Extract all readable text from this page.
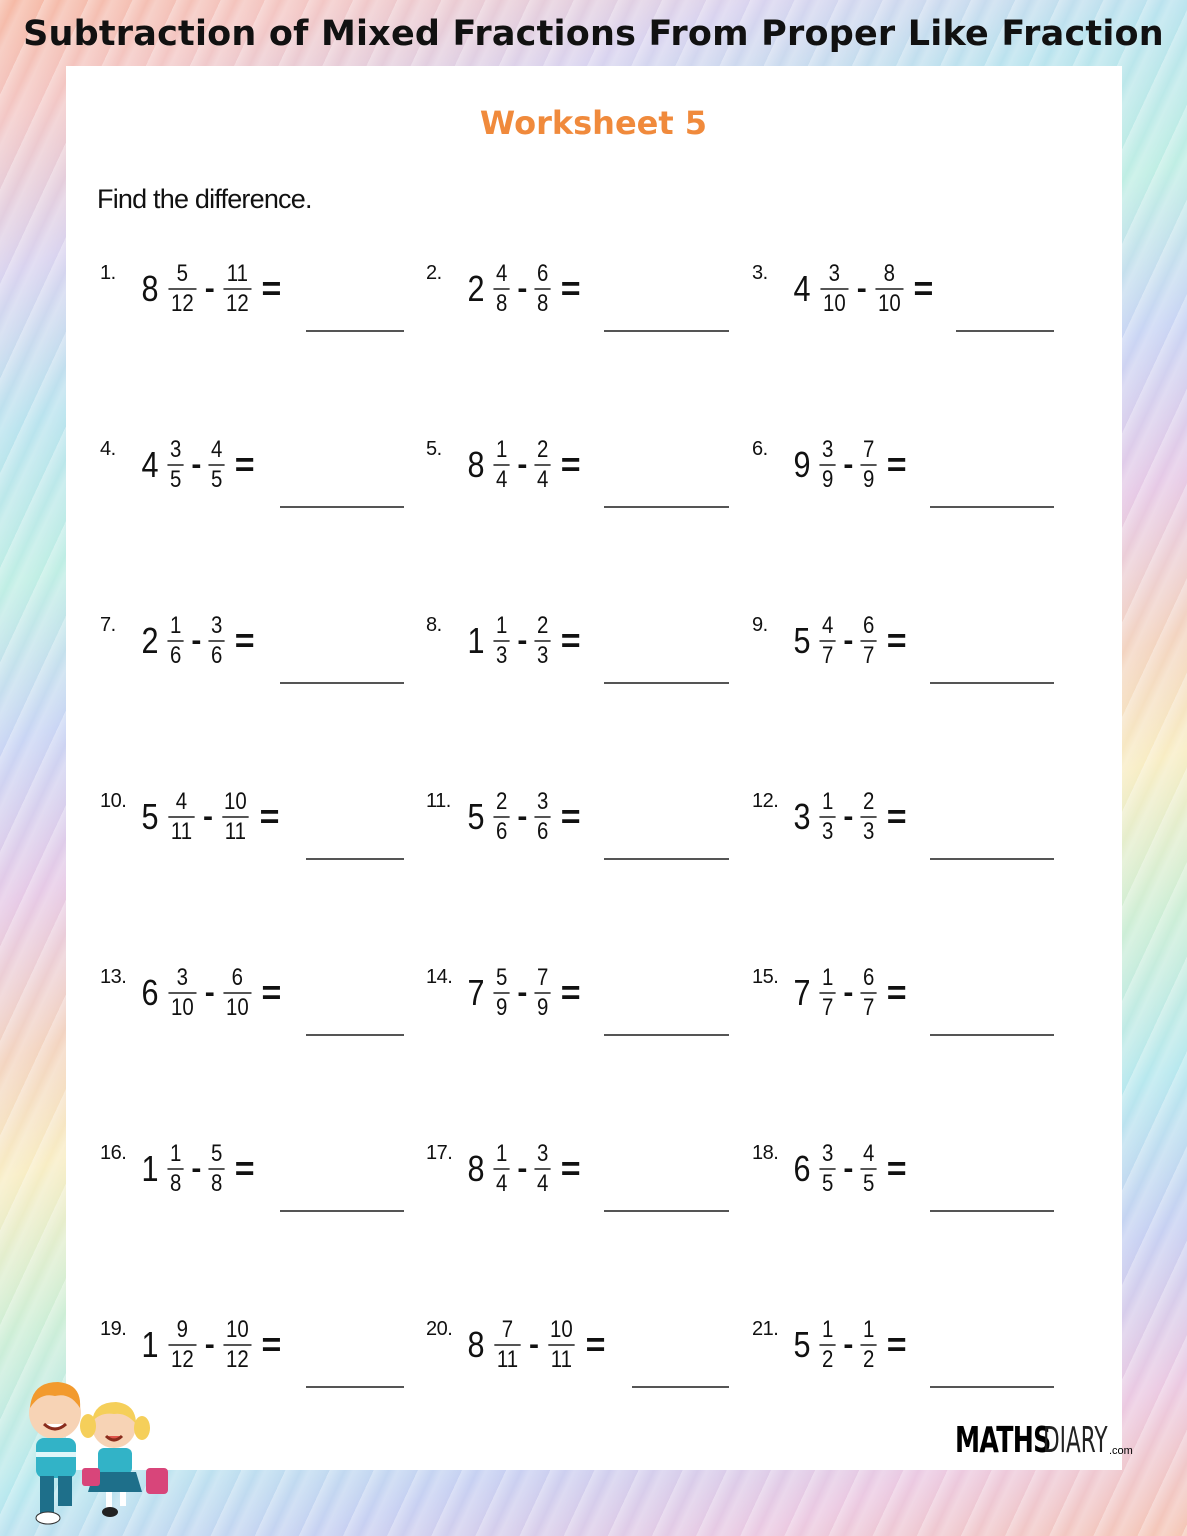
Subtraction of Mixed Fractions From Proper Like Fraction
Worksheet 5
Find the difference.
1. $8 \frac{5}{12} - \frac{11}{12}$ =	2. $2 \frac{4}{8} - \frac{6}{8}$ =	3. $4 \frac{3}{10} - \frac{8}{10}$ =
4. $4 \frac{3}{5} - \frac{4}{5}$ =	5. $8 \frac{1}{4} - \frac{2}{4}$ =	6. $9 \frac{3}{9} - \frac{7}{9}$ =
7. $2 \frac{1}{6} - \frac{3}{6}$ =	8. $1 \frac{1}{3} - \frac{2}{3}$ =	9. $5 \frac{4}{7} - \frac{6}{7}$ =
10. $5 \frac{4}{11} - \frac{10}{11}$ =	11. $5 \frac{2}{6} - \frac{3}{6}$ =	12. $3 \frac{1}{3} - \frac{2}{3}$ =
13. $6 \frac{3}{10} - \frac{6}{10}$ =	14. $7 \frac{5}{9} - \frac{7}{9}$ =	15. $7 \frac{1}{7} - \frac{6}{7}$ =
16. $1 \frac{1}{8} - \frac{5}{8}$ =	17. $8 \frac{1}{4} - \frac{3}{4}$ =	18. $6 \frac{3}{5} - \frac{4}{5}$ =
19. $1 \frac{9}{12} - \frac{10}{12}$ =	20. $8 \frac{7}{11} - \frac{10}{11}$ =	21. $5 \frac{1}{2} - \frac{1}{2}$ =
MATHS
DIARY .com
